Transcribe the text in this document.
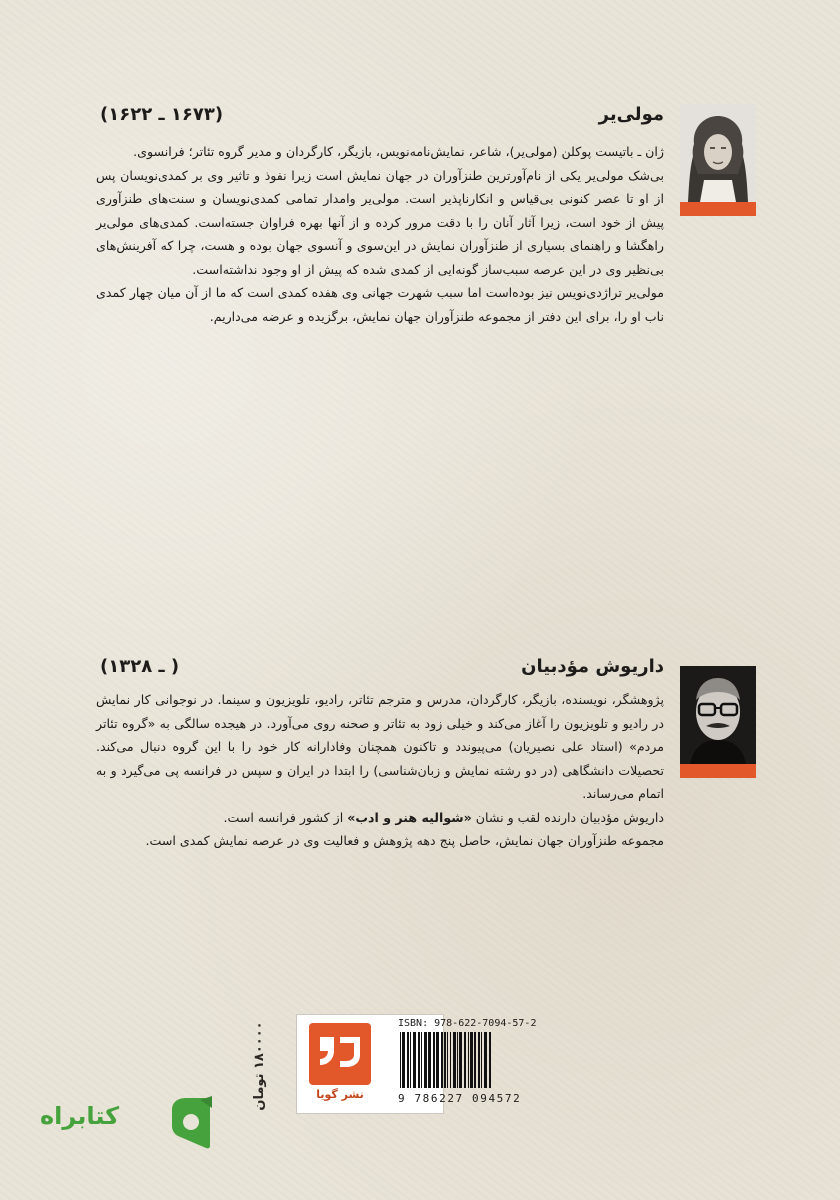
مولی‌یر
(۱۶۷۳ ـ ۱۶۲۲)

ژان ـ باتیست پوکلن (مولی‌یر)، شاعر، نمایش‌نامه‌نویس، بازیگر، کارگردان و مدیر گروه تئاتر؛ فرانسوی.

بی‌شک مولی‌یر یکی از نام‌آورترین طنزآوران در جهان نمایش است زیرا نفوذ و تاثیر وی بر کمدی‌نویسان پس از او تا عصر کنونی بی‌قیاس و انکارناپذیر است. مولی‌یر وامدار تمامی کمدی‌نویسان و سنت‌های طنزآوری پیش از خود است، زیرا آثار آنان را با دقت مرور کرده و از آنها بهره فراوان جسته‌است. کمدی‌های مولی‌یر راهگشا و راهنمای بسیاری از طنزآوران نمایش در این‌سوی و آنسوی جهان بوده و هست، چرا که آفرینش‌های بی‌نظیر وی در این عرصه سبب‌ساز گونه‌ایی از کمدی شده که پیش از او وجود نداشته‌است.

مولی‌یر تراژدی‌نویس نیز بوده‌است اما سبب شهرت جهانی وی هفده کمدی است که ما از آن میان چهار کمدی ناب او را، برای این دفتر از مجموعه طنزآوران جهان نمایش، برگزیده و عرضه می‌داریم.

داریوش مؤدبیان
( ـ ۱۳۲۸)

پژوهشگر، نویسنده، بازیگر، کارگردان، مدرس و مترجم تئاتر، رادیو، تلویزیون و سینما. در نوجوانی کار نمایش در رادیو و تلویزیون را آغاز می‌کند و خیلی زود به تئاتر و صحنه روی می‌آورد. در هیجده سالگی به «گروه تئاتر مردم» (استاد علی نصیریان) می‌پیوندد و تاکنون همچنان وفادارانه کار خود را با این گروه دنبال می‌کند. تحصیلات دانشگاهی (در دو رشته نمایش و زبان‌شناسی) را ابتدا در ایران و سپس در فرانسه پی می‌گیرد و به اتمام می‌رساند.

داریوش مؤدبیان دارنده لقب و نشان «شوالیه هنر و ادب» از کشور فرانسه است.

مجموعه طنزآوران جهان نمایش، حاصل پنج دهه پژوهش و فعالیت وی در عرصه نمایش کمدی است.

ISBN: 978-622-7094-57-2
9 786227 094572
نشر گویا
۱۸۰۰۰۰ تومان
کتابراه
